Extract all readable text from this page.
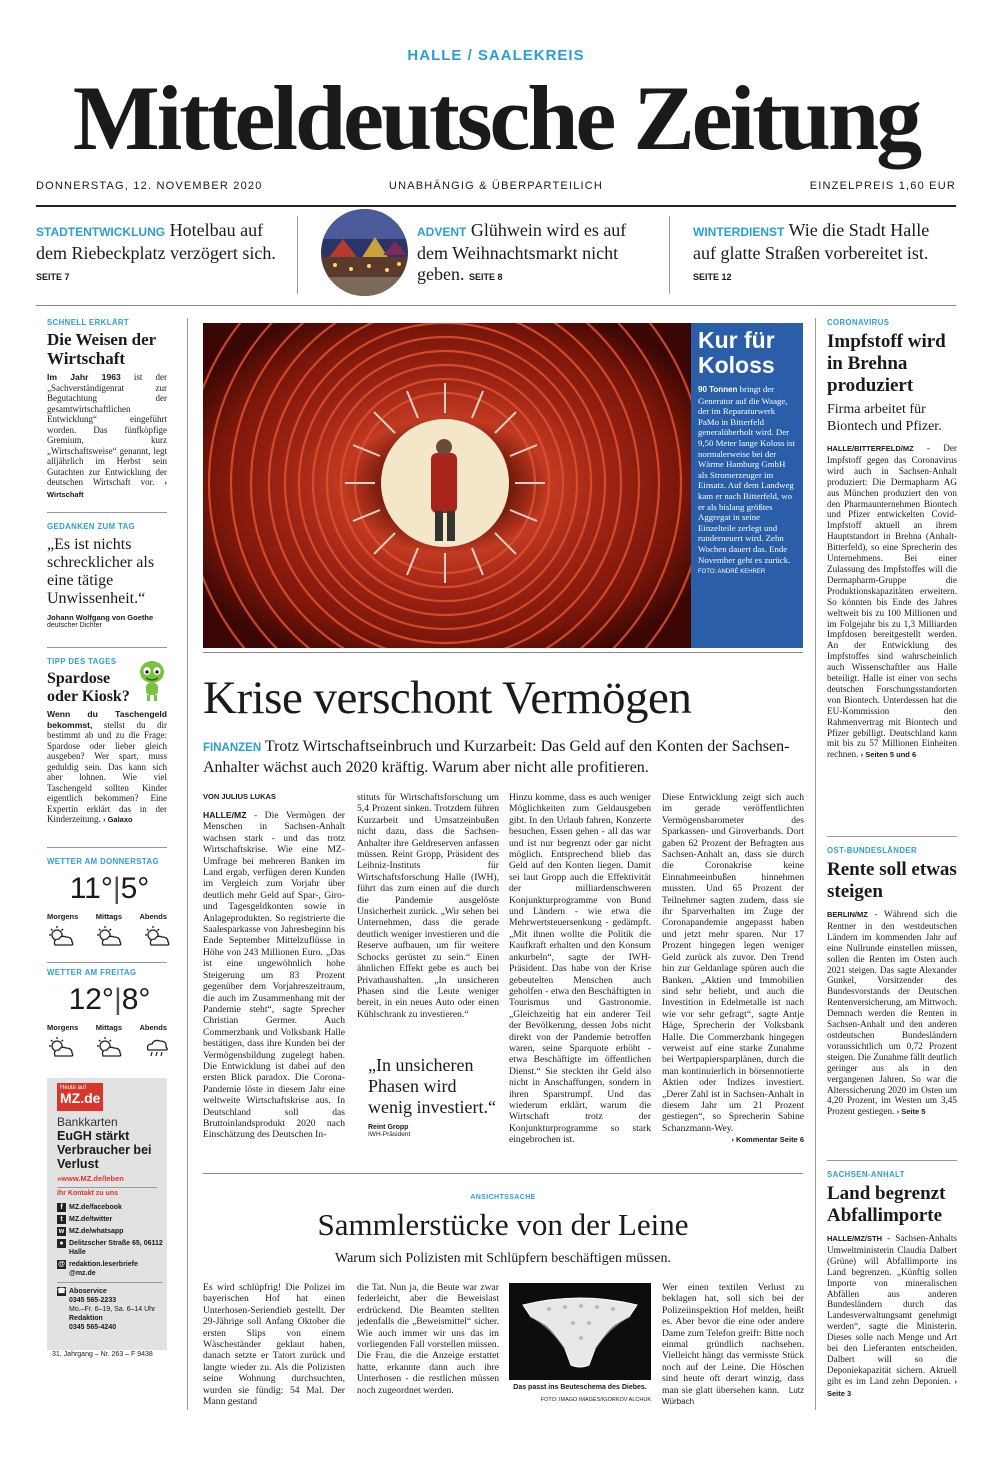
HALLE / SAALEKREIS
Mitteldeutsche Zeitung
DONNERSTAG, 12. NOVEMBER 2020	UNABHÄNGIG & ÜBERPARTEILICH	EINZELPREIS 1,60 EUR
STADTENTWICKLUNG Hotelbau auf dem Riebeckplatz verzögert sich. SEITE 7
ADVENT Glühwein wird es auf dem Weihnachtsmarkt nicht geben. SEITE 8
WINTERDIENST Wie die Stadt Halle auf glatte Straßen vorbereitet ist. SEITE 12
SCHNELL ERKLÄRT
Die Weisen der Wirtschaft
Im Jahr 1963 ist der „Sachverständigenrat zur Begutachtung der gesamtwirtschaftlichen Entwicklung“ eingeführt worden. Das fünfköpfige Gremium, kurz „Wirtschaftsweise“ genannt, legt alljährlich im Herbst sein Gutachten zur Entwicklung der deutschen Wirtschaft vor. › Wirtschaft
GEDANKEN ZUM TAG
„Es ist nichts schrecklicher als eine tätige Unwissenheit.“
Johann Wolfgang von Goethe
deutscher Dichter
TIPP DES TAGES
Spardose oder Kiosk?
Wenn du Taschengeld bekommst, stellst du dir bestimmt ab und zu die Frage: Spardose oder lieber gleich ausgeben? Wer spart, muss geduldig sein. Das kann sich aber lohnen. Wie viel Taschengeld sollten Kinder eigentlich bekommen? Eine Expertin erklärt das in der Kinderzeitung. › Galaxo
WETTER AM DONNERSTAG
11°|5°
Morgens Mittags Abends
WETTER AM FREITAG
12°|8°
Morgens Mittags Abends
Heute auf
MZ.de
Bankkarten
EuGH stärkt Verbraucher bei Verlust
»www.MZ.de/leben
Ihr Kontakt zu uns
f MZ.de/facebook
t MZ.de/twitter
w MZ.de/whatsapp
● Delitzscher Straße 65, 06112 Halle
@ redaktion.leserbriefe @mz.de
☎ Aboservice
0345 565-2233
Mo.–Fr. 6–19, Sa. 6–14 Uhr
Redaktion
0345 565-4240
31. Jahrgang – Nr. 263 – F 9438
Kur für Koloss
90 Tonnen bringt der Generator auf die Waage, der im Reparaturwerk PaMo in Bitterfeld generalüberholt wird. Der 9,50 Meter lange Koloss ist normalerweise bei der Wärme Hamburg GmbH als Stromerzeuger im Einsatz. Auf dem Landweg kam er nach Bitterfeld, wo er als bislang größtes Aggregat in seine Einzelteile zerlegt und runderneuert wird. Zehn Wochen dauert das. Ende November geht es zurück. FOTO: ANDRÉ KEHRER
Krise verschont Vermögen
FINANZEN Trotz Wirtschaftseinbruch und Kurzarbeit: Das Geld auf den Konten der Sachsen-Anhalter wächst auch 2020 kräftig. Warum aber nicht alle profitieren.
VON JULIUS LUKAS
HALLE/MZ - Die Vermögen der Menschen in Sachsen-Anhalt wachsen stark - und das trotz Wirtschaftskrise. Wie eine MZ-Umfrage bei mehreren Banken im Land ergab, verfügen deren Kunden im Vergleich zum Vorjahr über deutlich mehr Geld auf Spar-, Giro- und Tagesgeldkonten sowie in Anlageprodukten. So registrierte die Saalesparkasse von Jahresbeginn bis Ende September Mittelzuflüsse in Höhe von 243 Millionen Euro. „Das ist eine ungewöhnlich hohe Steigerung um 83 Prozent gegenüber dem Vorjahreszeitraum, die auch im Zusammenhang mit der Pandemie steht“, sagte Sprecher Christian Germer. Auch Commerzbank und Volksbank Halle bestätigen, dass ihre Kunden bei der Vermögensbildung zugelegt haben. Die Entwicklung ist dabei auf den ersten Blick paradox. Die Corona-Pandemie löste in diesem Jahr eine weltweite Wirtschaftskrise aus. In Deutschland soll das Bruttoinlandsprodukt 2020 nach Einschätzung des Deutschen In-
stituts für Wirtschaftsforschung um 5,4 Prozent sinken. Trotzdem führen Kurzarbeit und Umsatzeinbußen nicht dazu, dass die Sachsen-Anhalter ihre Geldreserven anfassen müssen. Reint Gropp, Präsident des Leibniz-Instituts für Wirtschaftsforschung Halle (IWH), führt das zum einen auf die durch die Pandemie ausgelöste Unsicherheit zurück. „Wir sehen bei Unternehmen, dass die gerade deutlich weniger investieren und die Reserve aufbauen, um für weitere Schocks gerüstet zu sein.“ Einen ähnlichen Effekt gebe es auch bei Privathaushalten. „In unsicheren Phasen sind die Leute weniger bereit, in ein neues Auto oder einen Kühlschrank zu investieren.“
„In unsicheren Phasen wird wenig investiert.“
Reint Gropp
IWH-Präsident
Hinzu komme, dass es auch weniger Möglichkeiten zum Geldausgeben gibt. In den Urlaub fahren, Konzerte besuchen, Essen gehen - all das war und ist nur begrenzt oder gar nicht möglich. Entsprechend blieb das Geld auf den Konten liegen. Damit sei laut Gropp auch die Effektivität der milliardenschweren Konjunkturprogramme von Bund und Ländern - wie etwa die Mehrwertsteuersenkung - gedämpft. „Mit ihnen wollte die Politik die Kaufkraft erhalten und den Konsum ankurbeln“, sagte der IWH-Präsident. Das habe von der Krise gebeutelten Menschen auch geholfen - etwa den Beschäftigten in Tourismus und Gastronomie. „Gleichzeitig hat ein anderer Teil der Bevölkerung, dessen Jobs nicht direkt von der Pandemie betroffen waren, seine Sparquote erhöht - etwa Beschäftigte im öffentlichen Dienst.“ Sie steckten ihr Geld also nicht in Anschaffungen, sondern in ihren Sparstrumpf. Und das wiederum erklärt, warum die Wirtschaft trotz der Konjunkturprogramme so stark eingebrochen ist.
Diese Entwicklung zeigt sich auch im gerade veröffentlichten Vermögensbarometer des Sparkassen- und Giroverbands. Dort gaben 62 Prozent der Befragten aus Sachsen-Anhalt an, dass sie durch die Coronakrise keine Einnahmeeinbußen hinnehmen mussten. Und 65 Prozent der Teilnehmer sagten zudem, dass sie ihr Sparverhalten im Zuge der Coronapandemie angepasst haben und jetzt mehr sparen. Nur 17 Prozent hingegen legen weniger Geld zurück als zuvor. Den Trend hin zur Geldanlage spüren auch die Banken. „Aktien und Immobilien sind sehr beliebt, und auch die Investition in Edelmetalle ist nach wie vor sehr gefragt“, sagte Antje Häge, Sprecherin der Volksbank Halle. Die Commerzbank hingegen verweist auf eine starke Zunahme bei Wertpapiersparplänen, durch die man kontinuierlich in börsennotierte Aktien oder Indizes investiert. „Derer Zahl ist in Sachsen-Anhalt in diesem Jahr um 21 Prozent gestiegen“, so Sprecherin Sabine Schanzmann-Wey.
› Kommentar Seite 6
ANSICHTSSACHE
Sammlerstücke von der Leine
Warum sich Polizisten mit Schlüpfern beschäftigen müssen.
Es wird schlüpfrig! Die Polizei im bayerischen Hof hat einen Unterhosen-Seriendieb gestellt. Der 29-Jährige soll Anfang Oktober die ersten Slips von einem Wäscheständer geklaut haben, danach setzte er Tatort zurück und langte wieder zu. Als die Polizisten seine Wohnung durchsuchten, wurden sie fündig: 54 Mal. Der Mann gestand
die Tat. Nun ja, die Beute war zwar federleicht, aber die Beweislast erdrückend. Die Beamten stellten jedenfalls die „Beweismittel“ sicher. Wie auch immer wir uns das im vorliegenden Fall vorstellen müssen. Die Frau, die die Anzeige erstattet hatte, erkannte dann auch ihre Unterhosen - die restlichen müssen noch zugeordnet werden.	Das passt ins Beuteschema des Diebes.
FOTO: IMAGO IMAGES/IGORKOV ALCHUK
Wer einen textilen Verlust zu beklagen hat, soll sich bei der Polizeiinspektion Hof melden, heißt es. Aber bevor die eine oder andere Dame zum Telefon greift: Bitte noch einmal gründlich nachsehen. Vielleicht hängt das vermisste Stück noch auf der Leine. Die Höschen sind heute oft derart winzig, dass man sie glatt übersehen kann. Lutz Würbach
CORONAVIRUS
Impfstoff wird in Brehna produziert
Firma arbeitet für Biontech und Pfizer.
HALLE/BITTERFELD/MZ - Der Impfstoff gegen das Coronavirus wird auch in Sachsen-Anhalt produziert: Die Dermapharm AG aus München produziert den von den Pharmaunternehmen Biontech und Pfizer entwickelten Covid-Impfstoff aktuell an ihrem Hauptstandort in Brehna (Anhalt-Bitterfeld), so eine Sprecherin des Unternehmens. Bei einer Zulassung des Impfstoffes will die Dermapharm-Gruppe die Produktionskapazitäten erweitern. So könnten bis Ende des Jahres weltweit bis zu 100 Millionen und im Folgejahr bis zu 1,3 Milliarden Impfdosen bereitgestellt werden. An der Entwicklung des Impfstoffes sind wahrscheinlich auch Wissenschaftler aus Halle beteiligt. Halle ist einer von sechs deutschen Forschungsstandorten von Biontech. Unterdessen hat die EU-Kommission den Rahmenvertrag mit Biontech und Pfizer gebilligt. Deutschland kann mit bis zu 57 Millionen Einheiten rechnen. › Seiten 5 und 6
OST-BUNDESLÄNDER
Rente soll etwas steigen
BERLIN/MZ - Während sich die Rentner in den westdeutschen Ländern im kommenden Jahr auf eine Nullrunde einstellen müssen, sollen die Renten im Osten auch 2021 steigen. Das sagte Alexander Gunkel, Vorsitzender des Bundesvorstands der Deutschen Rentenversicherung, am Mittwoch. Demnach werden die Renten in Sachsen-Anhalt und den anderen ostdeutschen Bundesländern voraussichtlich um 0,72 Prozent steigen. Die Zunahme fällt deutlich geringer aus als in den vergangenen Jahren. So war die Alterssicherung 2020 im Osten um 4,20 Prozent, im Westen um 3,45 Prozent gestiegen. › Seite 5
SACHSEN-ANHALT
Land begrenzt Abfallimporte
HALLE/MZ/STH - Sachsen-Anhalts Umweltministerin Claudia Dalbert (Grüne) will Abfallimporte ins Land begrenzen. „Künftig sollen Importe von mineralischen Abfällen aus anderen Bundesländern durch das Landesverwaltungsamt genehmigt werden“, sagte die Ministerin. Dieses solle nach Menge und Art bei den Lieferanten entscheiden. Dalbert will so die Deponiekapazität sichern. Aktuell gibt es im Land zehn Deponien. › Seite 3
